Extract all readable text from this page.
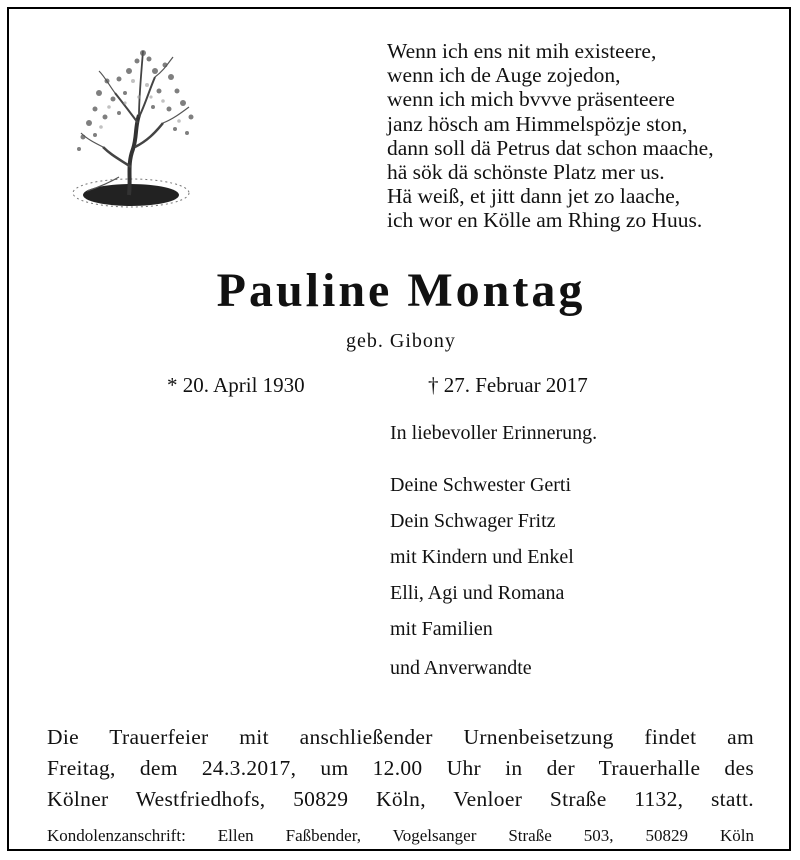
Wenn ich ens nit mih existeere,
wenn ich de Auge zojedon,
wenn ich mich bvvve präsenteere
janz hösch am Himmelspözje ston,
dann soll dä Petrus dat schon maache,
hä sök dä schönste Platz mer us.
Hä weiß, et jitt dann jet zo laache,
ich wor en Kölle am Rhing zo Huus.
Pauline Montag
geb. Gibony
* 20. April 1930	† 27. Februar 2017
In liebevoller Erinnerung.
Deine Schwester Gerti
Dein Schwager Fritz
mit Kindern und Enkel
Elli, Agi und Romana
mit Familien
und Anverwandte
Die Trauerfeier mit anschließender Urnenbeisetzung findet am
Freitag, dem 24.3.2017, um 12.00 Uhr in der Trauerhalle des
Kölner Westfriedhofs, 50829 Köln, Venloer Straße 1132, statt.
Kondolenzanschrift: Ellen Faßbender, Vogelsanger Straße 503, 50829 Köln
